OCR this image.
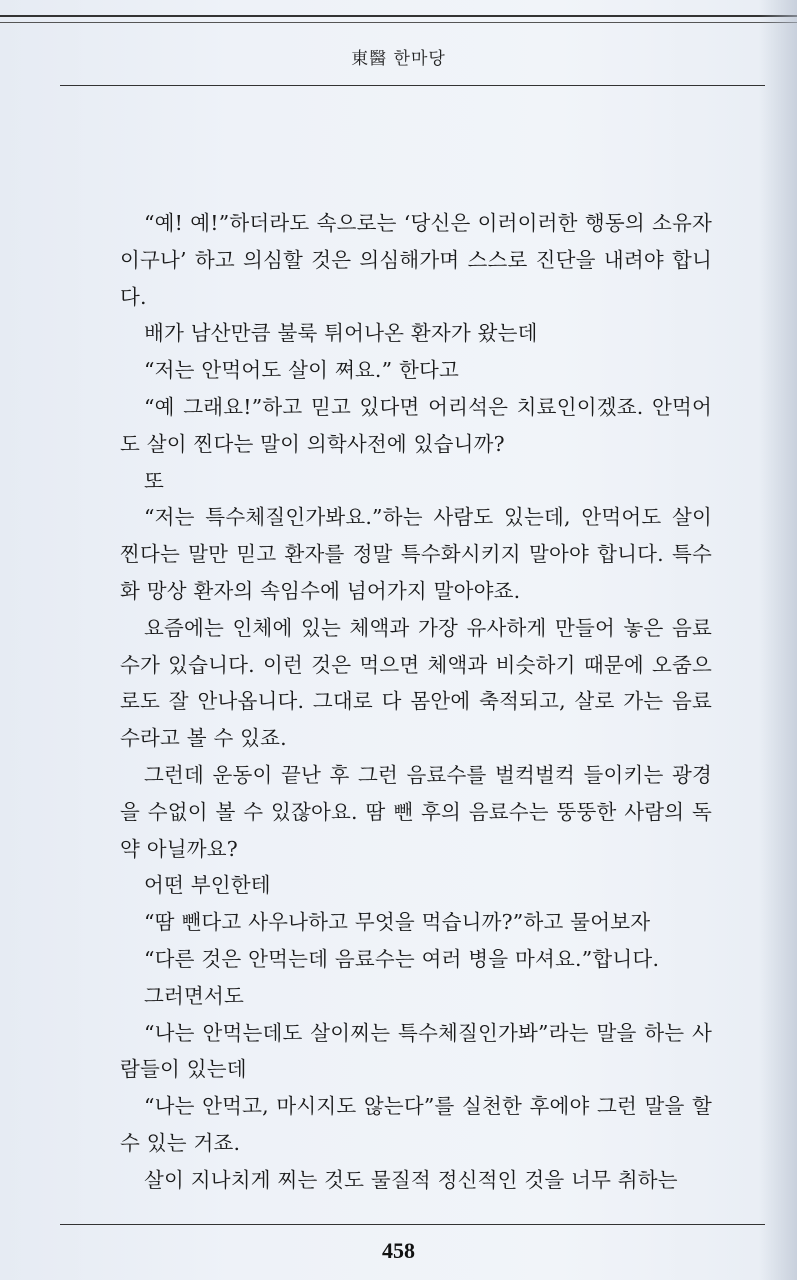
東醫 한마당

“예! 예!”하더라도 속으로는 ‘당신은 이러이러한 행동의 소유자이구나’ 하고 의심할 것은 의심해가며 스스로 진단을 내려야 합니다.

배가 남산만큼 불룩 튀어나온 환자가 왔는데

“저는 안먹어도 살이 쪄요.” 한다고

“예 그래요!”하고 믿고 있다면 어리석은 치료인이겠죠. 안먹어도 살이 찐다는 말이 의학사전에 있습니까?

또

“저는 특수체질인가봐요.”하는 사람도 있는데, 안먹어도 살이 찐다는 말만 믿고 환자를 정말 특수화시키지 말아야 합니다. 특수화 망상 환자의 속임수에 넘어가지 말아야죠.

요즘에는 인체에 있는 체액과 가장 유사하게 만들어 놓은 음료수가 있습니다. 이런 것은 먹으면 체액과 비슷하기 때문에 오줌으로도 잘 안나옵니다. 그대로 다 몸안에 축적되고, 살로 가는 음료수라고 볼 수 있죠.

그런데 운동이 끝난 후 그런 음료수를 벌컥벌컥 들이키는 광경을 수없이 볼 수 있잖아요. 땀 뺀 후의 음료수는 뚱뚱한 사람의 독약 아닐까요?

어떤 부인한테

“땀 뺀다고 사우나하고 무엇을 먹습니까?”하고 물어보자

“다른 것은 안먹는데 음료수는 여러 병을 마셔요.”합니다.

그러면서도

“나는 안먹는데도 살이찌는 특수체질인가봐”라는 말을 하는 사람들이 있는데

“나는 안먹고, 마시지도 않는다”를 실천한 후에야 그런 말을 할 수 있는 거죠.

살이 지나치게 찌는 것도 물질적 정신적인 것을 너무 취하는

458
